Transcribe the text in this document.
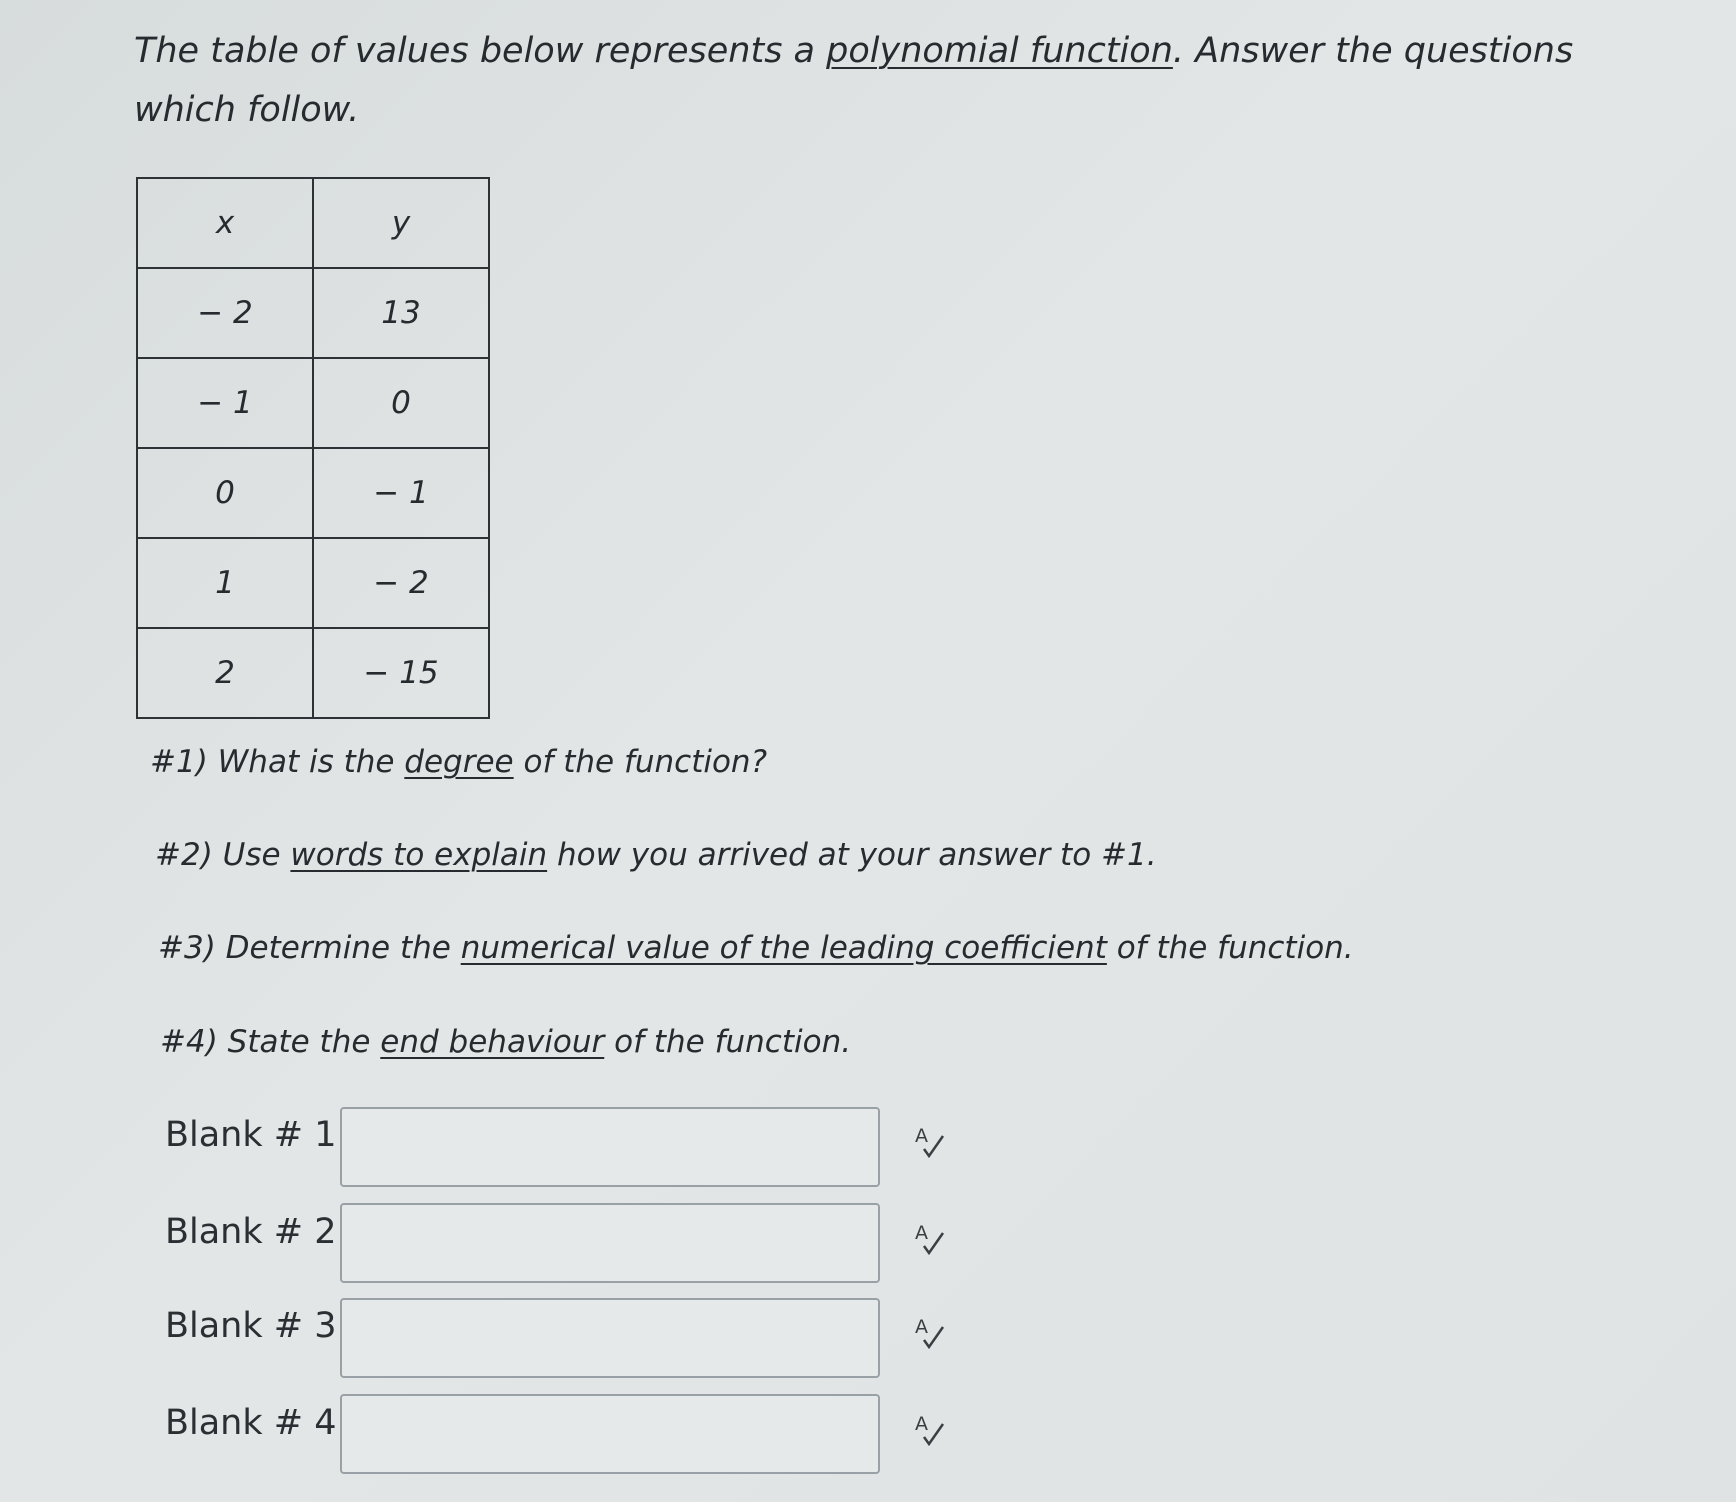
The table of values below represents a polynomial function. Answer the questions which follow.
x	y
− 2	13
− 1	0
0	− 1
1	− 2
2	− 15
#1) What is the degree of the function?
#2) Use words to explain how you arrived at your answer to #1.
#3) Determine the numerical value of the leading coefficient of the function.
#4) State the end behaviour of the function.
Blank # 1	A
Blank # 2	A
Blank # 3	A
Blank # 4	A
